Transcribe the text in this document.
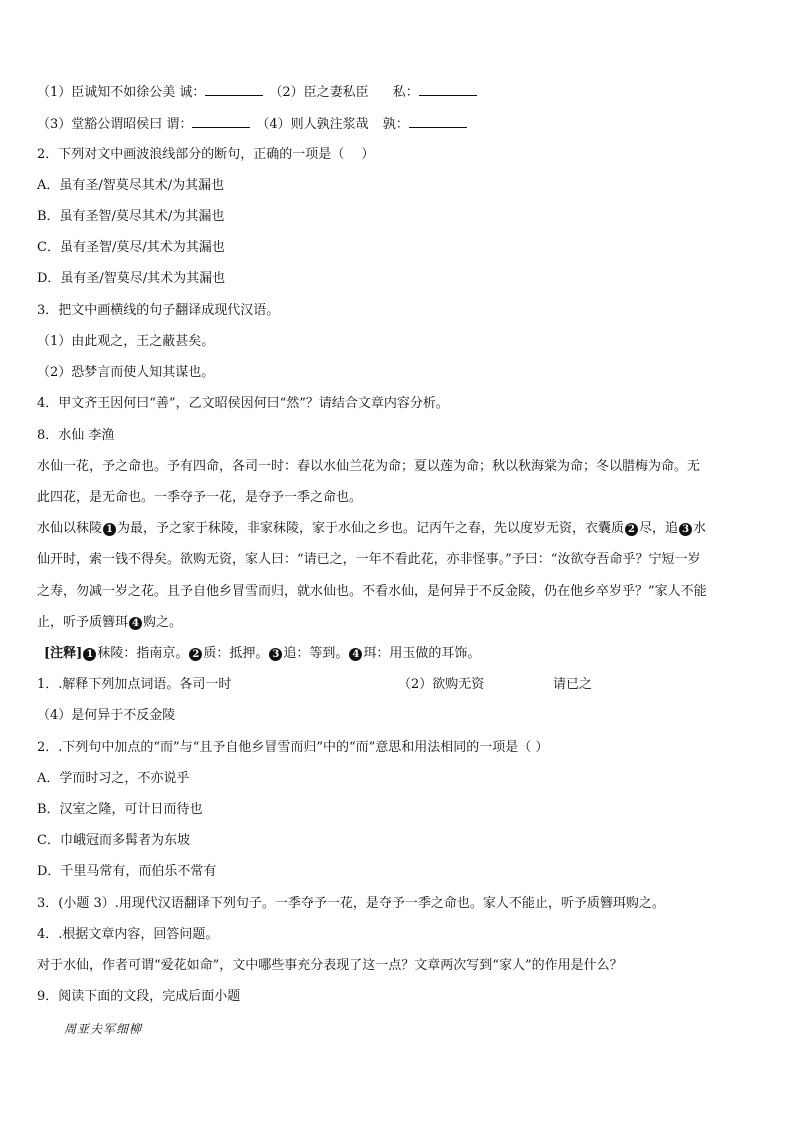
（1）臣诚知不如徐公美 诚：	（2）臣之妻私臣 私：
（3）堂豁公谓昭侯曰 谓：	（4）则人孰注浆哉 孰：
2．下列对文中画波浪线部分的断句，正确的一项是（　 ）
A．虽有圣/智莫尽其术/为其漏也
B．虽有圣智/莫尽其术/为其漏也
C．虽有圣智/莫尽/其术为其漏也
D．虽有圣/智莫尽/其术为其漏也
3．把文中画横线的句子翻译成现代汉语。
（1）由此观之，王之蔽甚矣。
（2）恐梦言而使人知其谋也。
4．甲文齐王因何曰“善”，乙文昭侯因何曰“然”？请结合文章内容分析。
8．水仙 李渔
水仙一花，予之命也。予有四命，各司一时：春以水仙兰花为命；夏以莲为命；秋以秋海棠为命；冬以腊梅为命。无
此四花，是无命也。一季夺予一花，是夺予一季之命也。
水仙以秣陵 1 为最，予之家于秣陵，非家秣陵，家于水仙之乡也。记丙午之春，先以度岁无资，衣囊质 2 尽，追 3 水
仙开时，索一钱不得矣。欲购无资，家人曰：“请已之，一年不看此花，亦非怪事。”予曰：“汝欲夺吾命乎？宁短一岁
之寿，勿减一岁之花。且予自他乡冒雪而归，就水仙也。不看水仙，是何异于不反金陵，仍在他乡卒岁乎？”家人不能
止，听予质簪珥 4 购之。
[注释] 1 秣陵：指南京。 2 质：抵押。 3 追：等到。 4 珥：用玉做的耳饰。
1．.解释下列加点词语。各司一时	（2）欲购无资	请已之
（4）是何异于不反金陵
2．.下列句中加点的“而”与“且予自他乡冒雪而归”中的“而”意思和用法相同的一项是（ ）
A．学而时习之，不亦说乎
B．汉室之隆，可计日而待也
C．巾峨冠而多髯者为东坡
D．千里马常有，而伯乐不常有
3．(小题 3）.用现代汉语翻译下列句子。一季夺予一花，是夺予一季之命也。家人不能止，听予质簪珥购之。
4．.根据文章内容，回答问题。
对于水仙，作者可谓“爱花如命”，文中哪些事充分表现了这一点？文章两次写到“家人”的作用是什么？
9．阅读下面的文段，完成后面小题
周亚夫军细柳
